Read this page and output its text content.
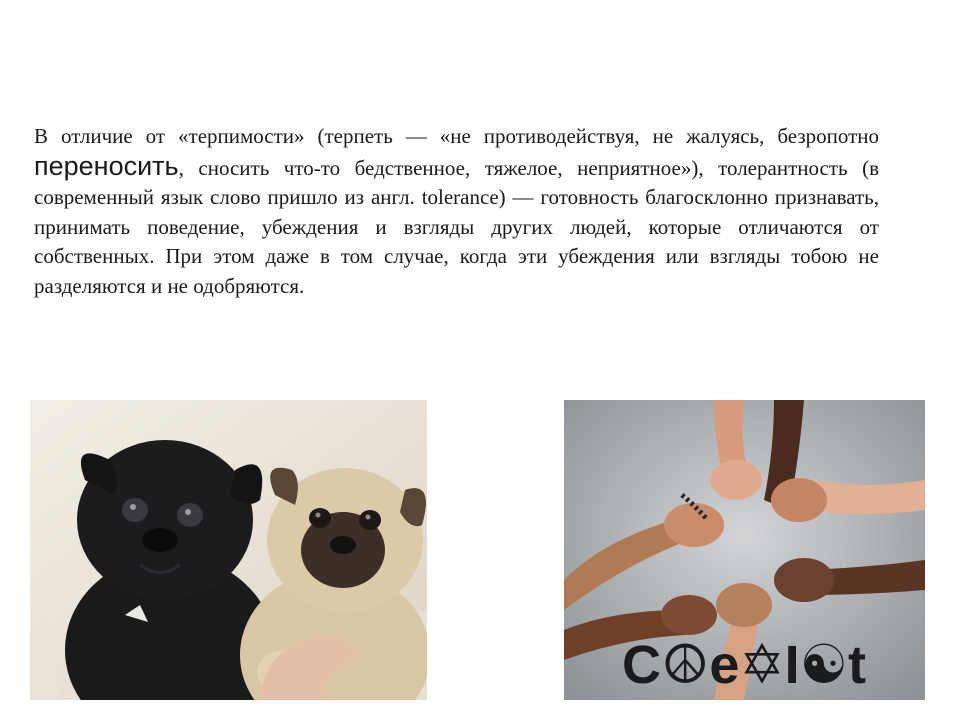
В отличие от «терпимости» (терпеть — «не противодействуя, не жалуясь, безропотно переносить, сносить что-то бедственное, тяжелое, неприятное»), толерантность (в современный язык слово пришло из англ. tolerance) — готовность благосклонно признавать, принимать поведение, убеждения и взгляды других людей, которые отличаются от собственных. При этом даже в том случае, когда эти убеждения или взгляды тобою не разделяются и не одобряются.

C☮e✡I☯t
